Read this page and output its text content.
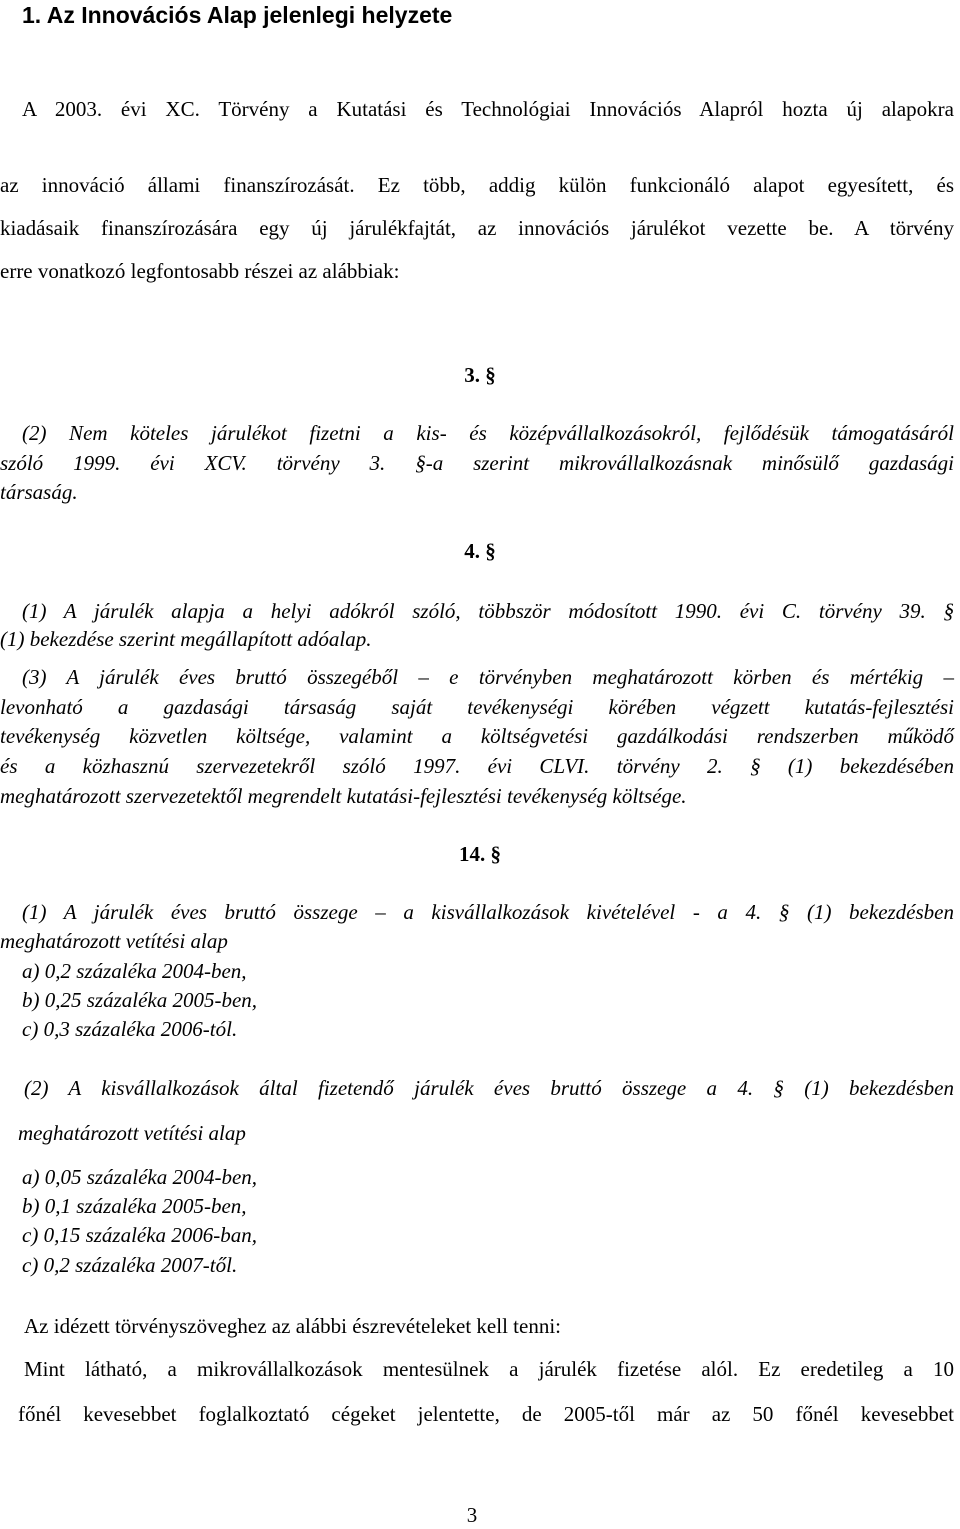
1. Az Innovációs Alap jelenlegi helyzete
A 2003. évi XC. Törvény a Kutatási és Technológiai Innovációs Alapról hozta új alapokra
az innováció állami finanszírozását. Ez több, addig külön funkcionáló alapot egyesített, és
kiadásaik finanszírozására egy új járulékfajtát, az innovációs járulékot vezette be. A törvény
erre vonatkozó legfontosabb részei az alábbiak:
3. §
(2) Nem köteles járulékot fizetni a kis- és középvállalkozásokról, fejlődésük támogatásáról
szóló 1999. évi XCV. törvény 3. §-a szerint mikrovállalkozásnak minősülő gazdasági
társaság.
4. §
(1) A járulék alapja a helyi adókról szóló, többször módosított 1990. évi C. törvény 39. §
(1) bekezdése szerint megállapított adóalap.
(3) A járulék éves bruttó összegéből – e törvényben meghatározott körben és mértékig –
levonható a gazdasági társaság saját tevékenységi körében végzett kutatás-fejlesztési
tevékenység közvetlen költsége, valamint a költségvetési gazdálkodási rendszerben működő
és a közhasznú szervezetekről szóló 1997. évi CLVI. törvény 2. § (1) bekezdésében
meghatározott szervezetektől megrendelt kutatási-fejlesztési tevékenység költsége.
14. §
(1) A járulék éves bruttó összege – a kisvállalkozások kivételével - a 4. § (1) bekezdésben
meghatározott vetítési alap
a) 0,2 százaléka 2004-ben,
b) 0,25 százaléka 2005-ben,
c) 0,3 százaléka 2006-tól.
(2) A kisvállalkozások által fizetendő járulék éves bruttó összege a 4. § (1) bekezdésben
meghatározott vetítési alap
a) 0,05 százaléka 2004-ben,
b) 0,1 százaléka 2005-ben,
c) 0,15 százaléka 2006-ban,
c) 0,2 százaléka 2007-től.
Az idézett törvényszöveghez az alábbi észrevételeket kell tenni:
Mint látható, a mikrovállalkozások mentesülnek a járulék fizetése alól. Ez eredetileg a 10
főnél kevesebbet foglalkoztató cégeket jelentette, de 2005-től már az 50 főnél kevesebbet
3
